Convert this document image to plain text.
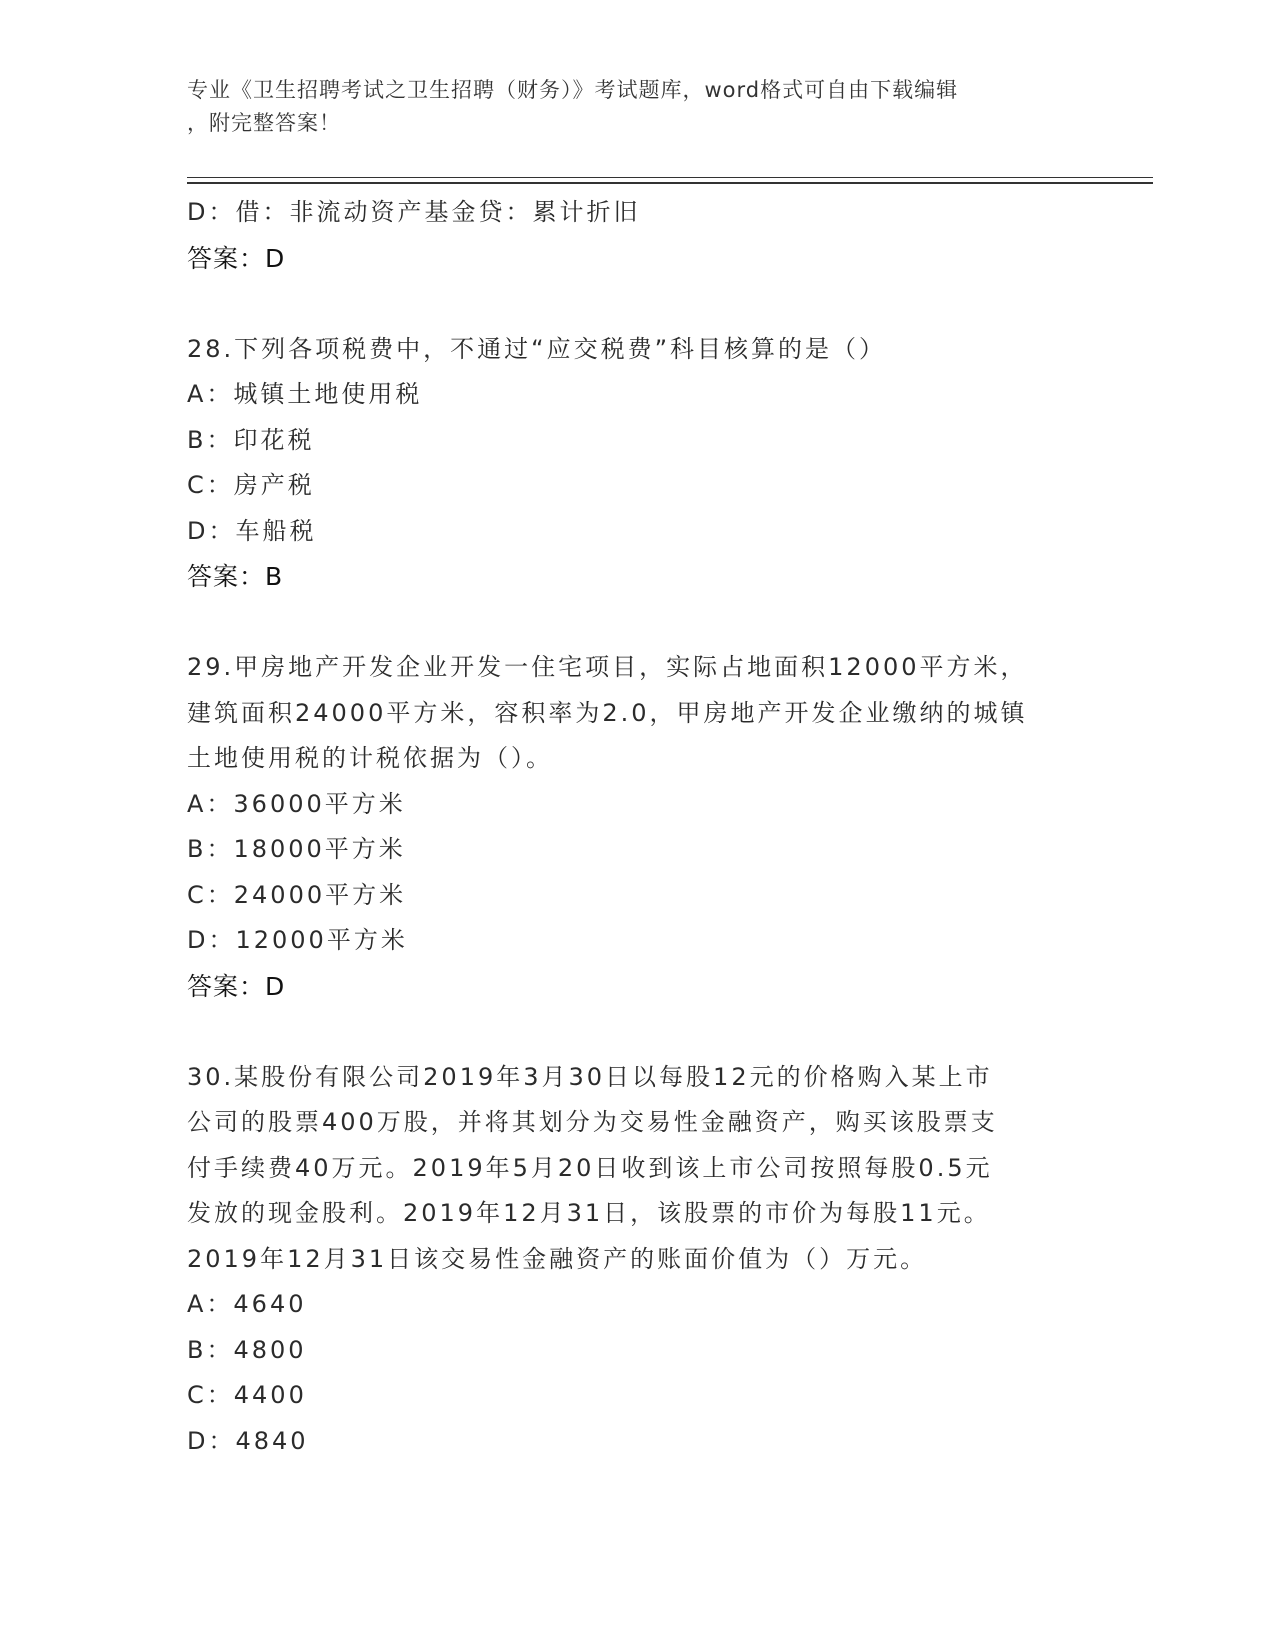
专业《卫生招聘考试之卫生招聘（财务）》考试题库，word格式可自由下载编辑
，附完整答案！
D：借：非流动资产基金贷：累计折旧
答案：D
28.下列各项税费中，不通过“应交税费”科目核算的是（）
A：城镇土地使用税
B：印花税
C：房产税
D：车船税
答案：B
29.甲房地产开发企业开发一住宅项目，实际占地面积12000平方米，
建筑面积24000平方米，容积率为2.0，甲房地产开发企业缴纳的城镇
土地使用税的计税依据为（）。
A：36000平方米
B：18000平方米
C：24000平方米
D：12000平方米
答案：D
30.某股份有限公司2019年3月30日以每股12元的价格购入某上市
公司的股票400万股，并将其划分为交易性金融资产，购买该股票支
付手续费40万元。2019年5月20日收到该上市公司按照每股0.5元
发放的现金股利。2019年12月31日，该股票的市价为每股11元。
2019年12月31日该交易性金融资产的账面价值为（）万元。
A：4640
B：4800
C：4400
D：4840
